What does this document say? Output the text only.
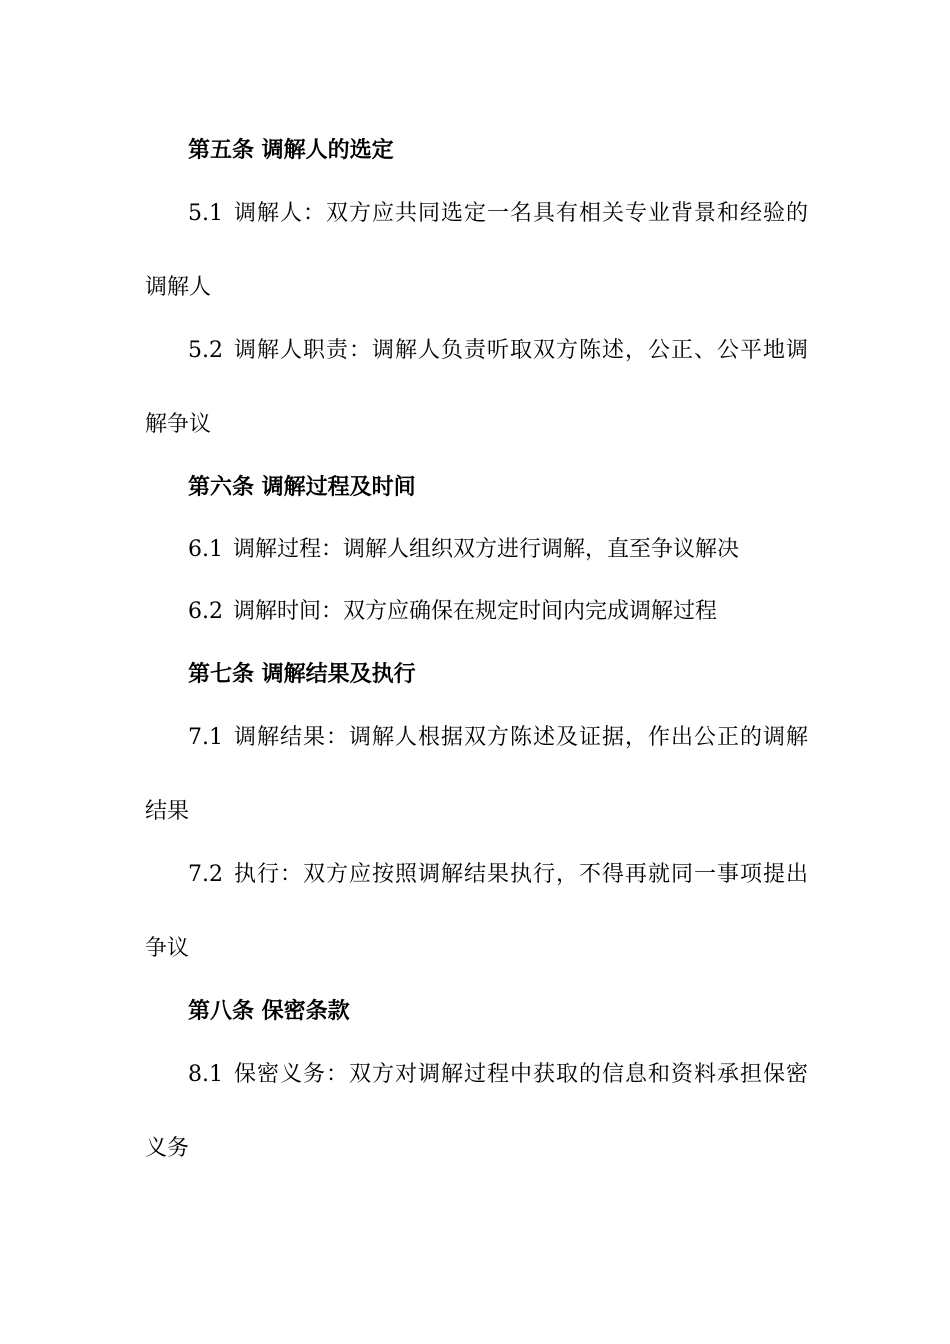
第五条 调解人的选定
5.1 调解人：双方应共同选定一名具有相关专业背景和经验的
调解人
5.2 调解人职责：调解人负责听取双方陈述，公正、公平地调
解争议
第六条 调解过程及时间
6.1 调解过程：调解人组织双方进行调解，直至争议解决
6.2 调解时间：双方应确保在规定时间内完成调解过程
第七条 调解结果及执行
7.1 调解结果：调解人根据双方陈述及证据，作出公正的调解
结果
7.2 执行：双方应按照调解结果执行，不得再就同一事项提出
争议
第八条 保密条款
8.1 保密义务：双方对调解过程中获取的信息和资料承担保密
义务
